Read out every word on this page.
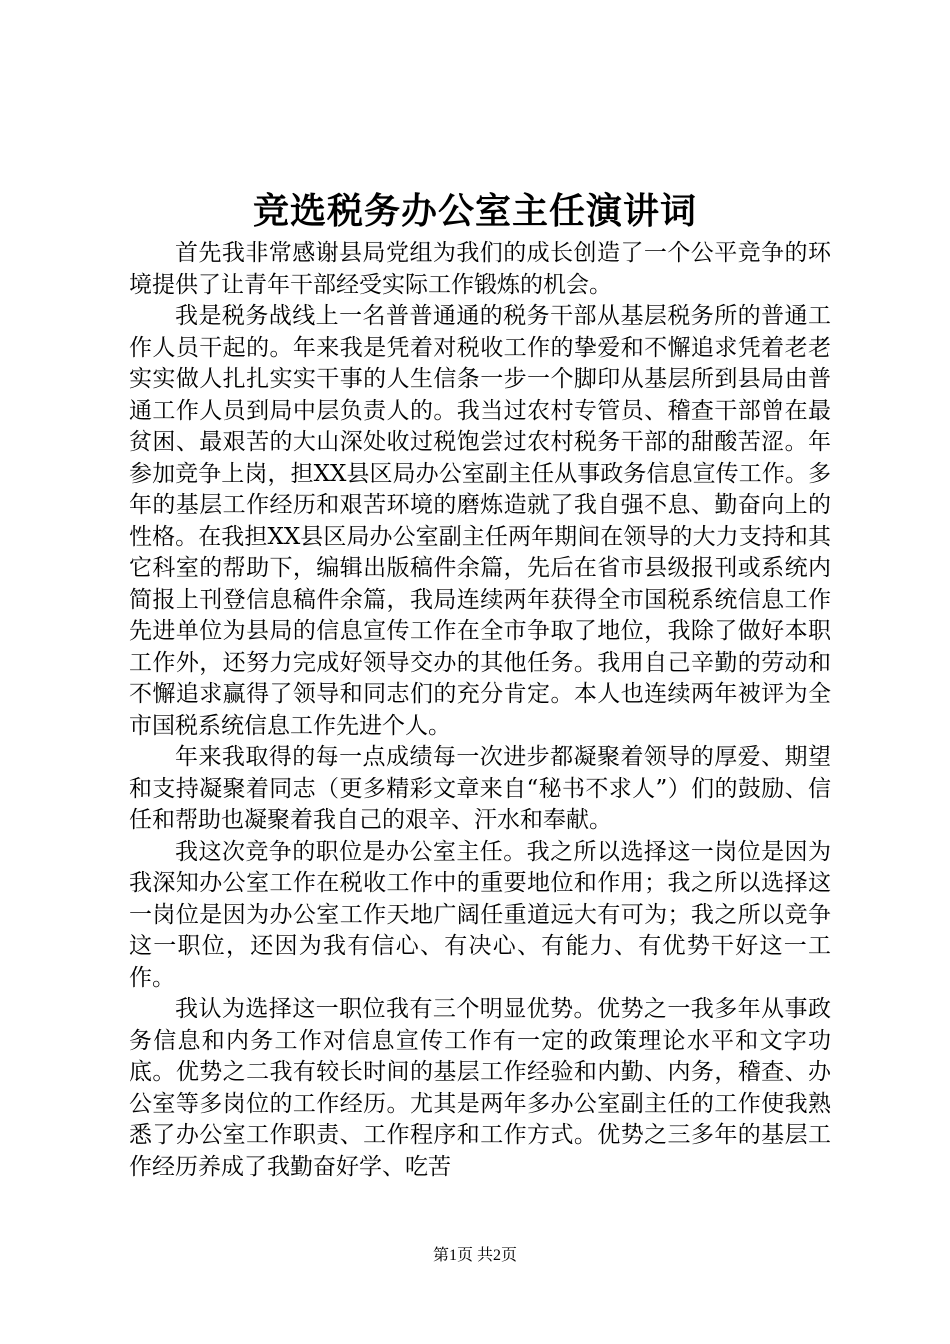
竞选税务办公室主任演讲词

首先我非常感谢县局党组为我们的成长创造了一个公平竞争的环境提供了让青年干部经受实际工作锻炼的机会。

我是税务战线上一名普普通通的税务干部从基层税务所的普通工作人员干起的。年来我是凭着对税收工作的挚爱和不懈追求凭着老老实实做人扎扎实实干事的人生信条一步一个脚印从基层所到县局由普通工作人员到局中层负责人的。我当过农村专管员、稽查干部曾在最贫困、最艰苦的大山深处收过税饱尝过农村税务干部的甜酸苦涩。年参加竞争上岗，担XX县区局办公室副主任从事政务信息宣传工作。多年的基层工作经历和艰苦环境的磨炼造就了我自强不息、勤奋向上的性格。在我担XX县区局办公室副主任两年期间在领导的大力支持和其它科室的帮助下，编辑出版稿件余篇，先后在省市县级报刊或系统内简报上刊登信息稿件余篇，我局连续两年获得全市国税系统信息工作先进单位为县局的信息宣传工作在全市争取了地位，我除了做好本职工作外，还努力完成好领导交办的其他任务。我用自己辛勤的劳动和不懈追求赢得了领导和同志们的充分肯定。本人也连续两年被评为全市国税系统信息工作先进个人。

年来我取得的每一点成绩每一次进步都凝聚着领导的厚爱、期望和支持凝聚着同志（更多精彩文章来自“秘书不求人”）们的鼓励、信任和帮助也凝聚着我自己的艰辛、汗水和奉献。

我这次竞争的职位是办公室主任。我之所以选择这一岗位是因为我深知办公室工作在税收工作中的重要地位和作用；我之所以选择这一岗位是因为办公室工作天地广阔任重道远大有可为；我之所以竞争这一职位，还因为我有信心、有决心、有能力、有优势干好这一工作。

我认为选择这一职位我有三个明显优势。优势之一我多年从事政务信息和内务工作对信息宣传工作有一定的政策理论水平和文字功底。优势之二我有较长时间的基层工作经验和内勤、内务，稽查、办公室等多岗位的工作经历。尤其是两年多办公室副主任的工作使我熟悉了办公室工作职责、工作程序和工作方式。优势之三多年的基层工作经历养成了我勤奋好学、吃苦

第1页 共2页
